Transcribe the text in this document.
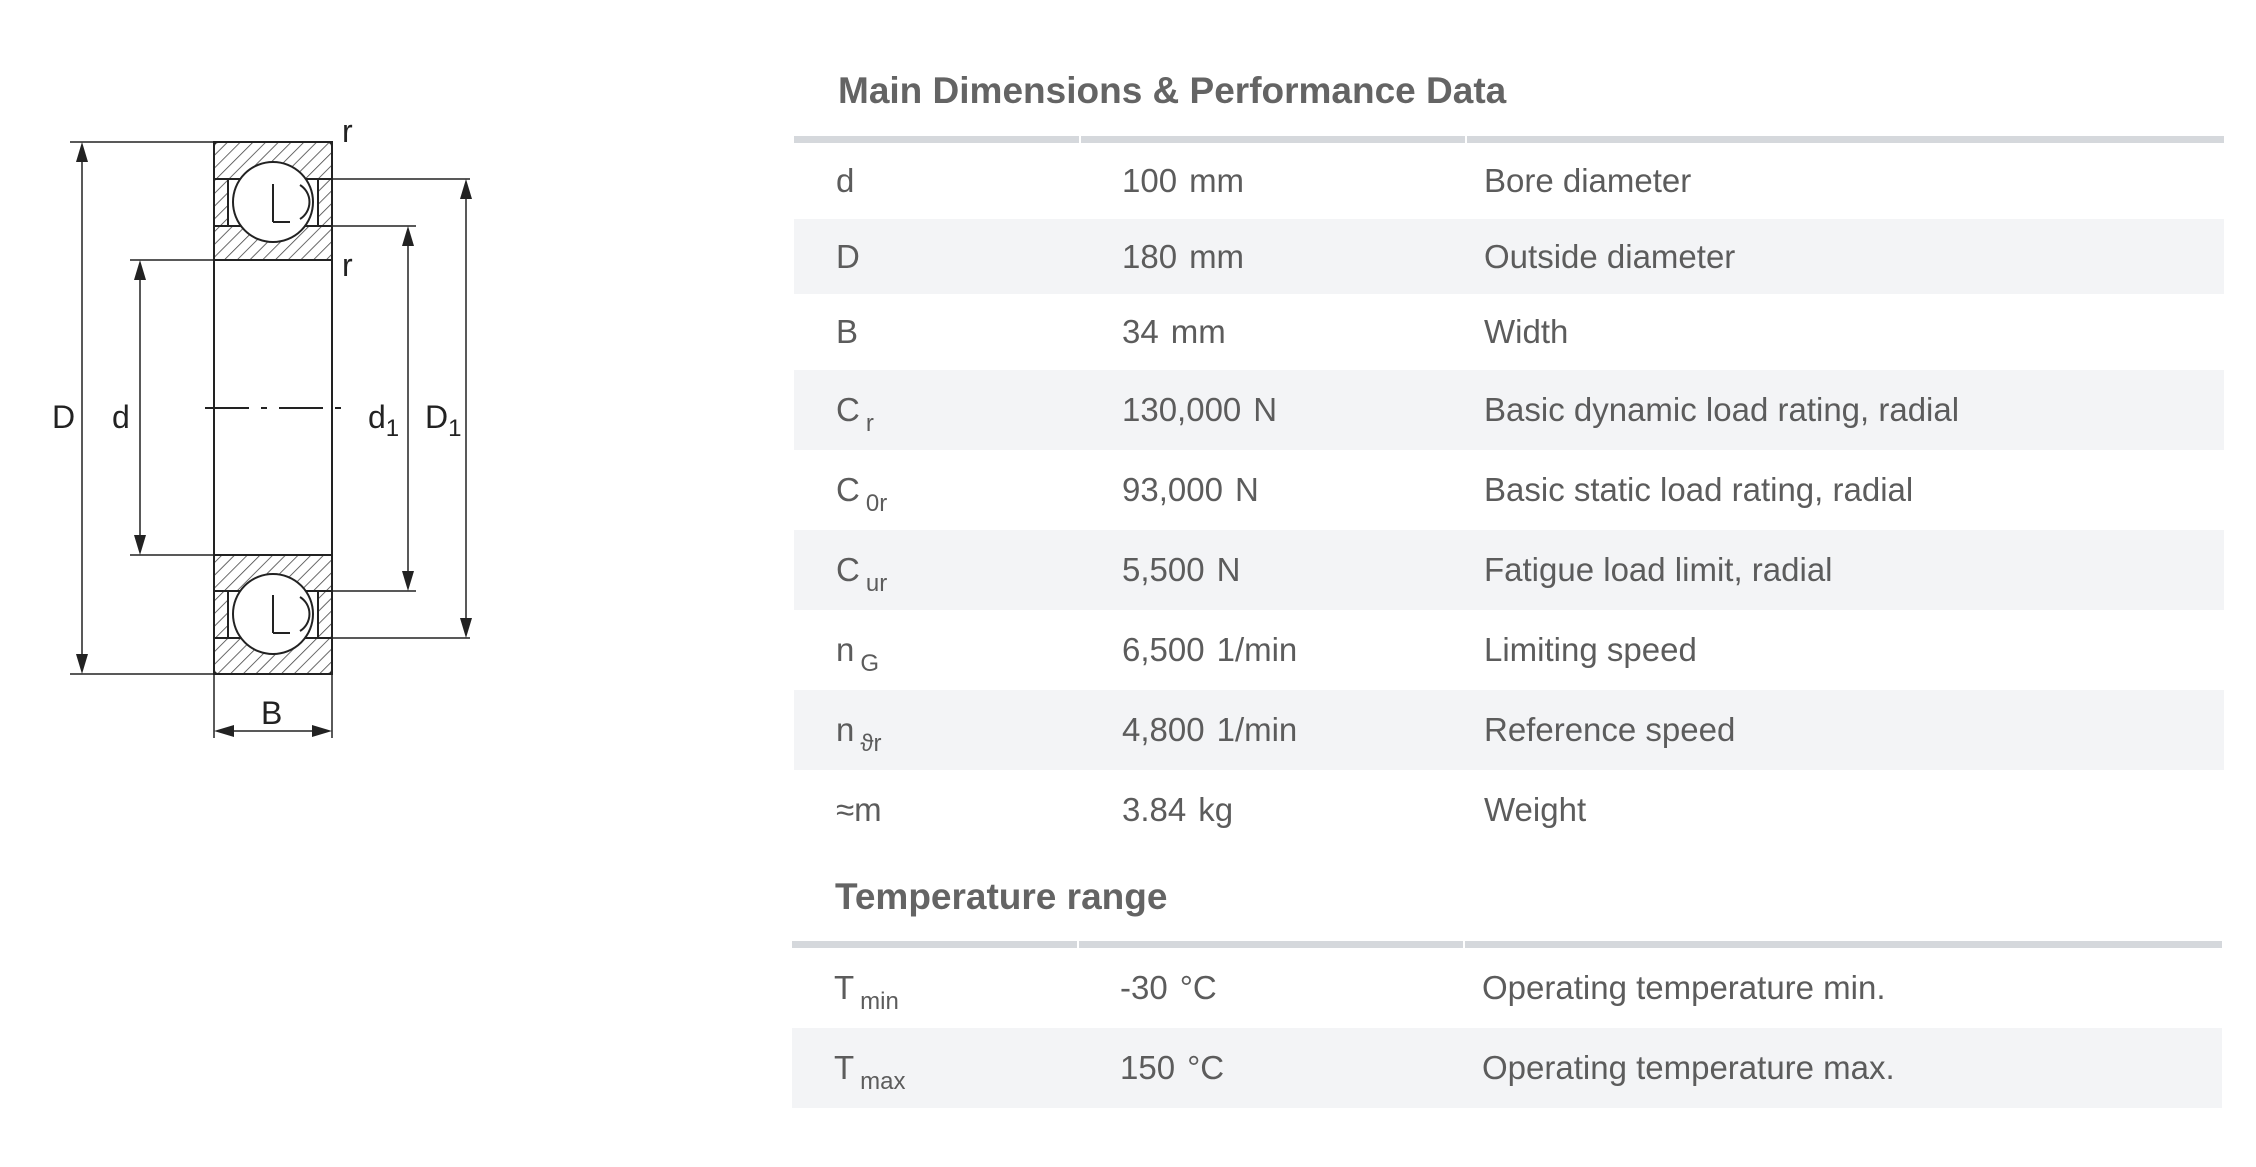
r
r
D d	$d_1$ $D_1$
B
Main Dimensions & Performance Data

d	100 mm	Bore diameter
D	180 mm	Outside diameter
B	34 mm	Width
C $_r$	130,000 N	Basic dynamic load rating, radial
C $_{0r}$	93,000 N	Basic static load rating, radial
C $_{ur}$	5,500 N	Fatigue load limit, radial
n $_G$	6,500 1/min	Limiting speed
n $_{ϑr}$	4,800 1/min	Reference speed
≈m	3.84 kg	Weight
Temperature range

T $_{min}$	-30 °C	Operating temperature min.
T $_{max}$	150 °C	Operating temperature max.
